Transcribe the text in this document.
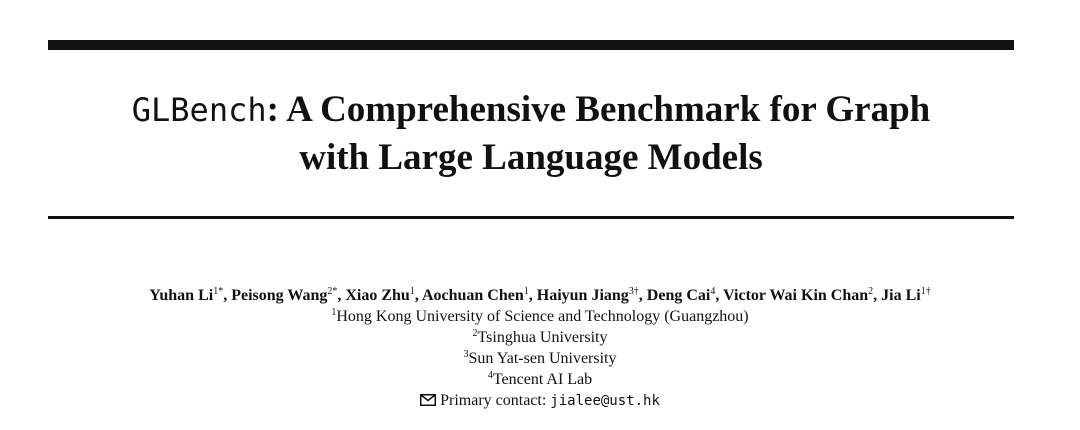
GLBench: A Comprehensive Benchmark for Graph
with Large Language Models
Yuhan $Li^{1*}$, Peisong Wang$^{2*}$, Xiao Zhu$^1$, Aochuan Chen$^1$, Haiyun Jiang$^{3\dagger}$, Deng Cai$^4$, Victor Wai Kin Chan$^2$, Jia $Li^{1\dagger}$
$^1$Hong Kong University of Science and Technology (Guangzhou)
$^2$Tsinghua University
$^3$Sun Yat-sen University
$^4$Tencent AI Lab
Primary contact: jialee@ust.hk
